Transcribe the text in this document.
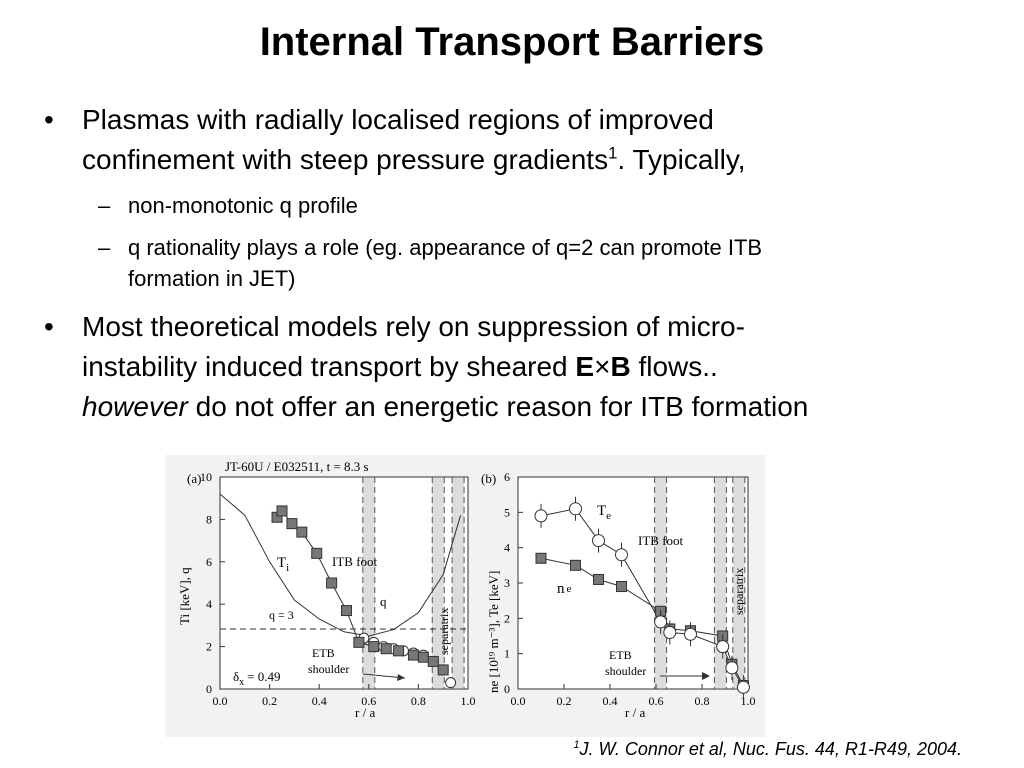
Internal Transport Barriers
• Plasmas with radially localised regions of improved
confinement with steep pressure gradients$^1$. Typically,
– non-monotonic q profile
– q rationality plays a role (eg. appearance of q=2 can promote ITB
formation in JET)
• Most theoretical models rely on suppression of micro-
instability induced transport by sheared E×B flows..
however do not offer an energetic reason for ITB formation
0.0	0.2	0.4	0.6	0.8	1.0
0
2
4
6
8
10
(a)
JT-60U / E032511, t = 8.3 s
r / a
Ti [keV], q
$T_i$	ITB foot
q
q = 3
ETB
shoulder
$\delta_x = 0.49$
separatrix
0.0	0.2	0.4	0.6	0.8	1.0
0
1
2
3
4
5
6
(b)
$T_e$
n e
ITB foot
ETB
shoulder
separatrix
r / a
ne [10¹⁹ m⁻³], Te [keV]
$^1$J. W. Connor et al, Nuc. Fus. 44, R1-R49, 2004.
